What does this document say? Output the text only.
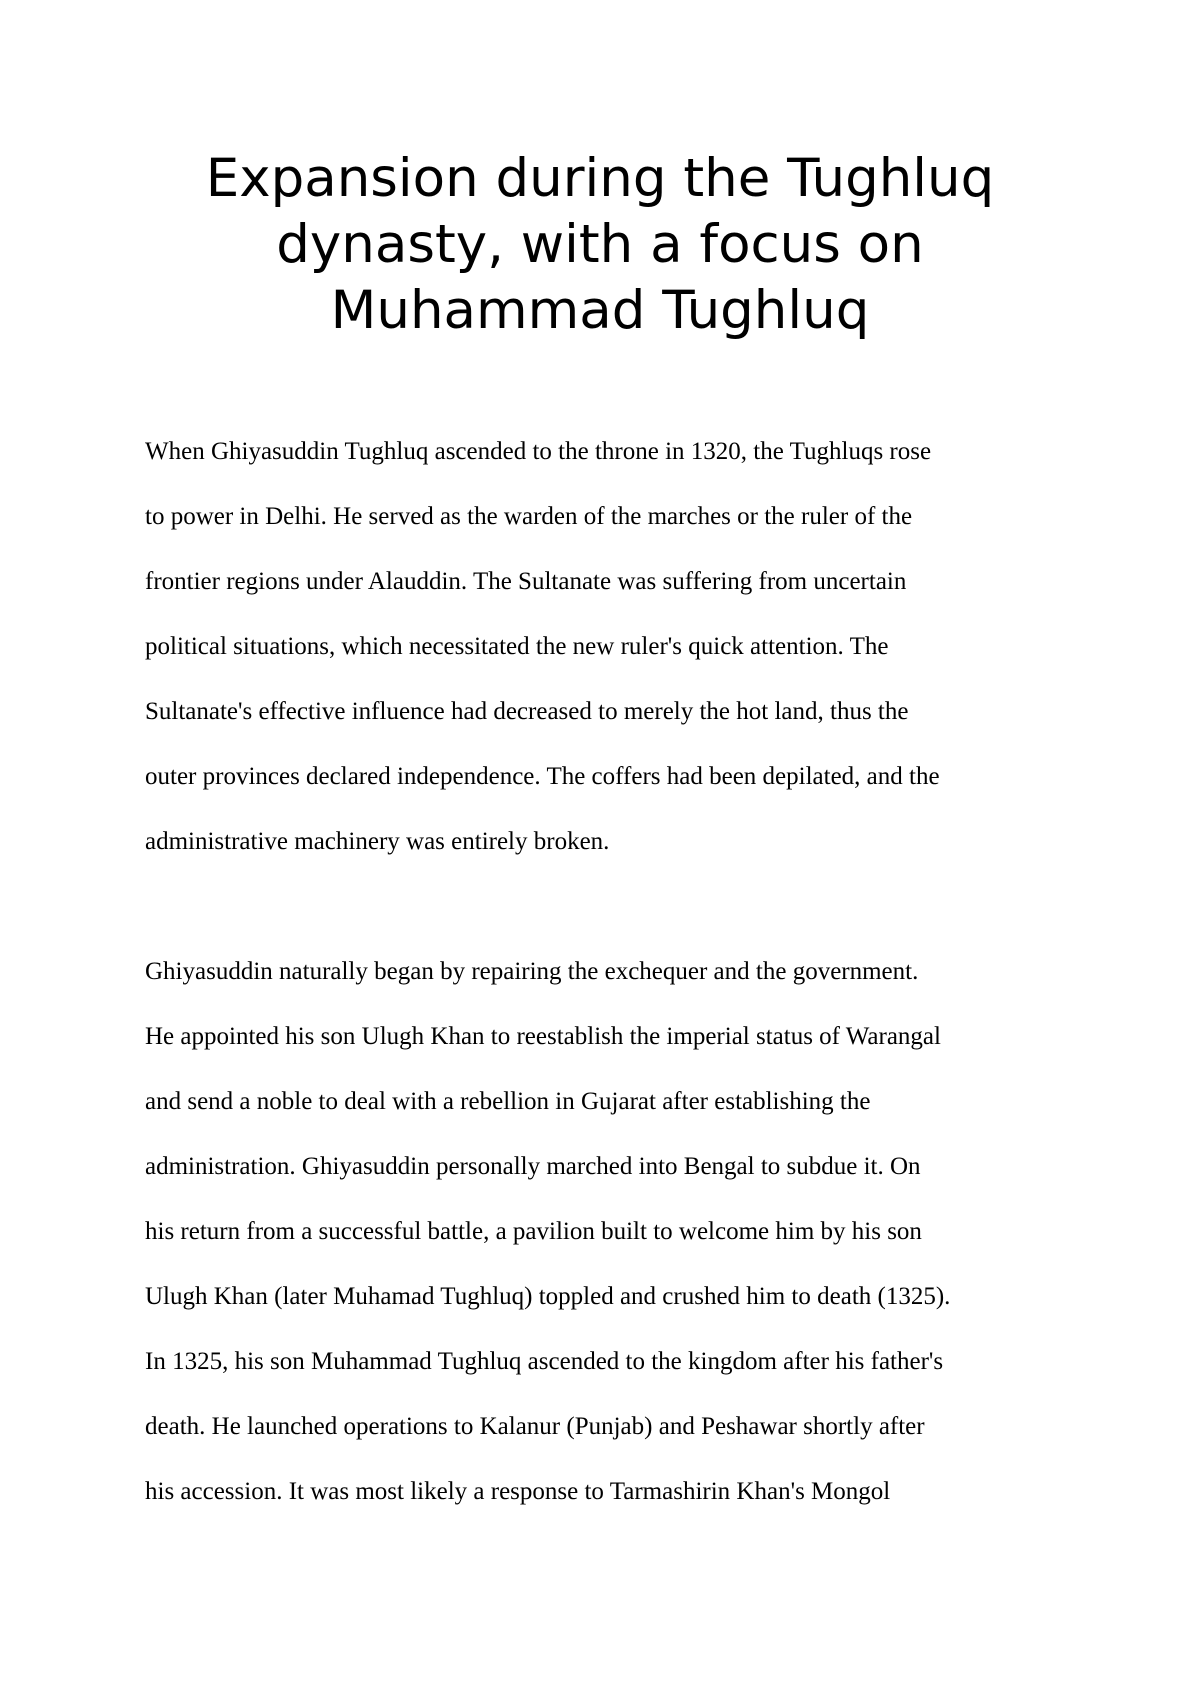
Expansion during the Tughluq
dynasty, with a focus on
Muhammad Tughluq

When Ghiyasuddin Tughluq ascended to the throne in 1320, the Tughluqs rose

to power in Delhi. He served as the warden of the marches or the ruler of the

frontier regions under Alauddin. The Sultanate was suffering from uncertain

political situations, which necessitated the new ruler's quick attention. The

Sultanate's effective influence had decreased to merely the hot land, thus the

outer provinces declared independence. The coffers had been depilated, and the

administrative machinery was entirely broken.

Ghiyasuddin naturally began by repairing the exchequer and the government.

He appointed his son Ulugh Khan to reestablish the imperial status of Warangal

and send a noble to deal with a rebellion in Gujarat after establishing the

administration. Ghiyasuddin personally marched into Bengal to subdue it. On

his return from a successful battle, a pavilion built to welcome him by his son

Ulugh Khan (later Muhamad Tughluq) toppled and crushed him to death (1325).

In 1325, his son Muhammad Tughluq ascended to the kingdom after his father's

death. He launched operations to Kalanur (Punjab) and Peshawar shortly after

his accession. It was most likely a response to Tarmashirin Khan's Mongol
